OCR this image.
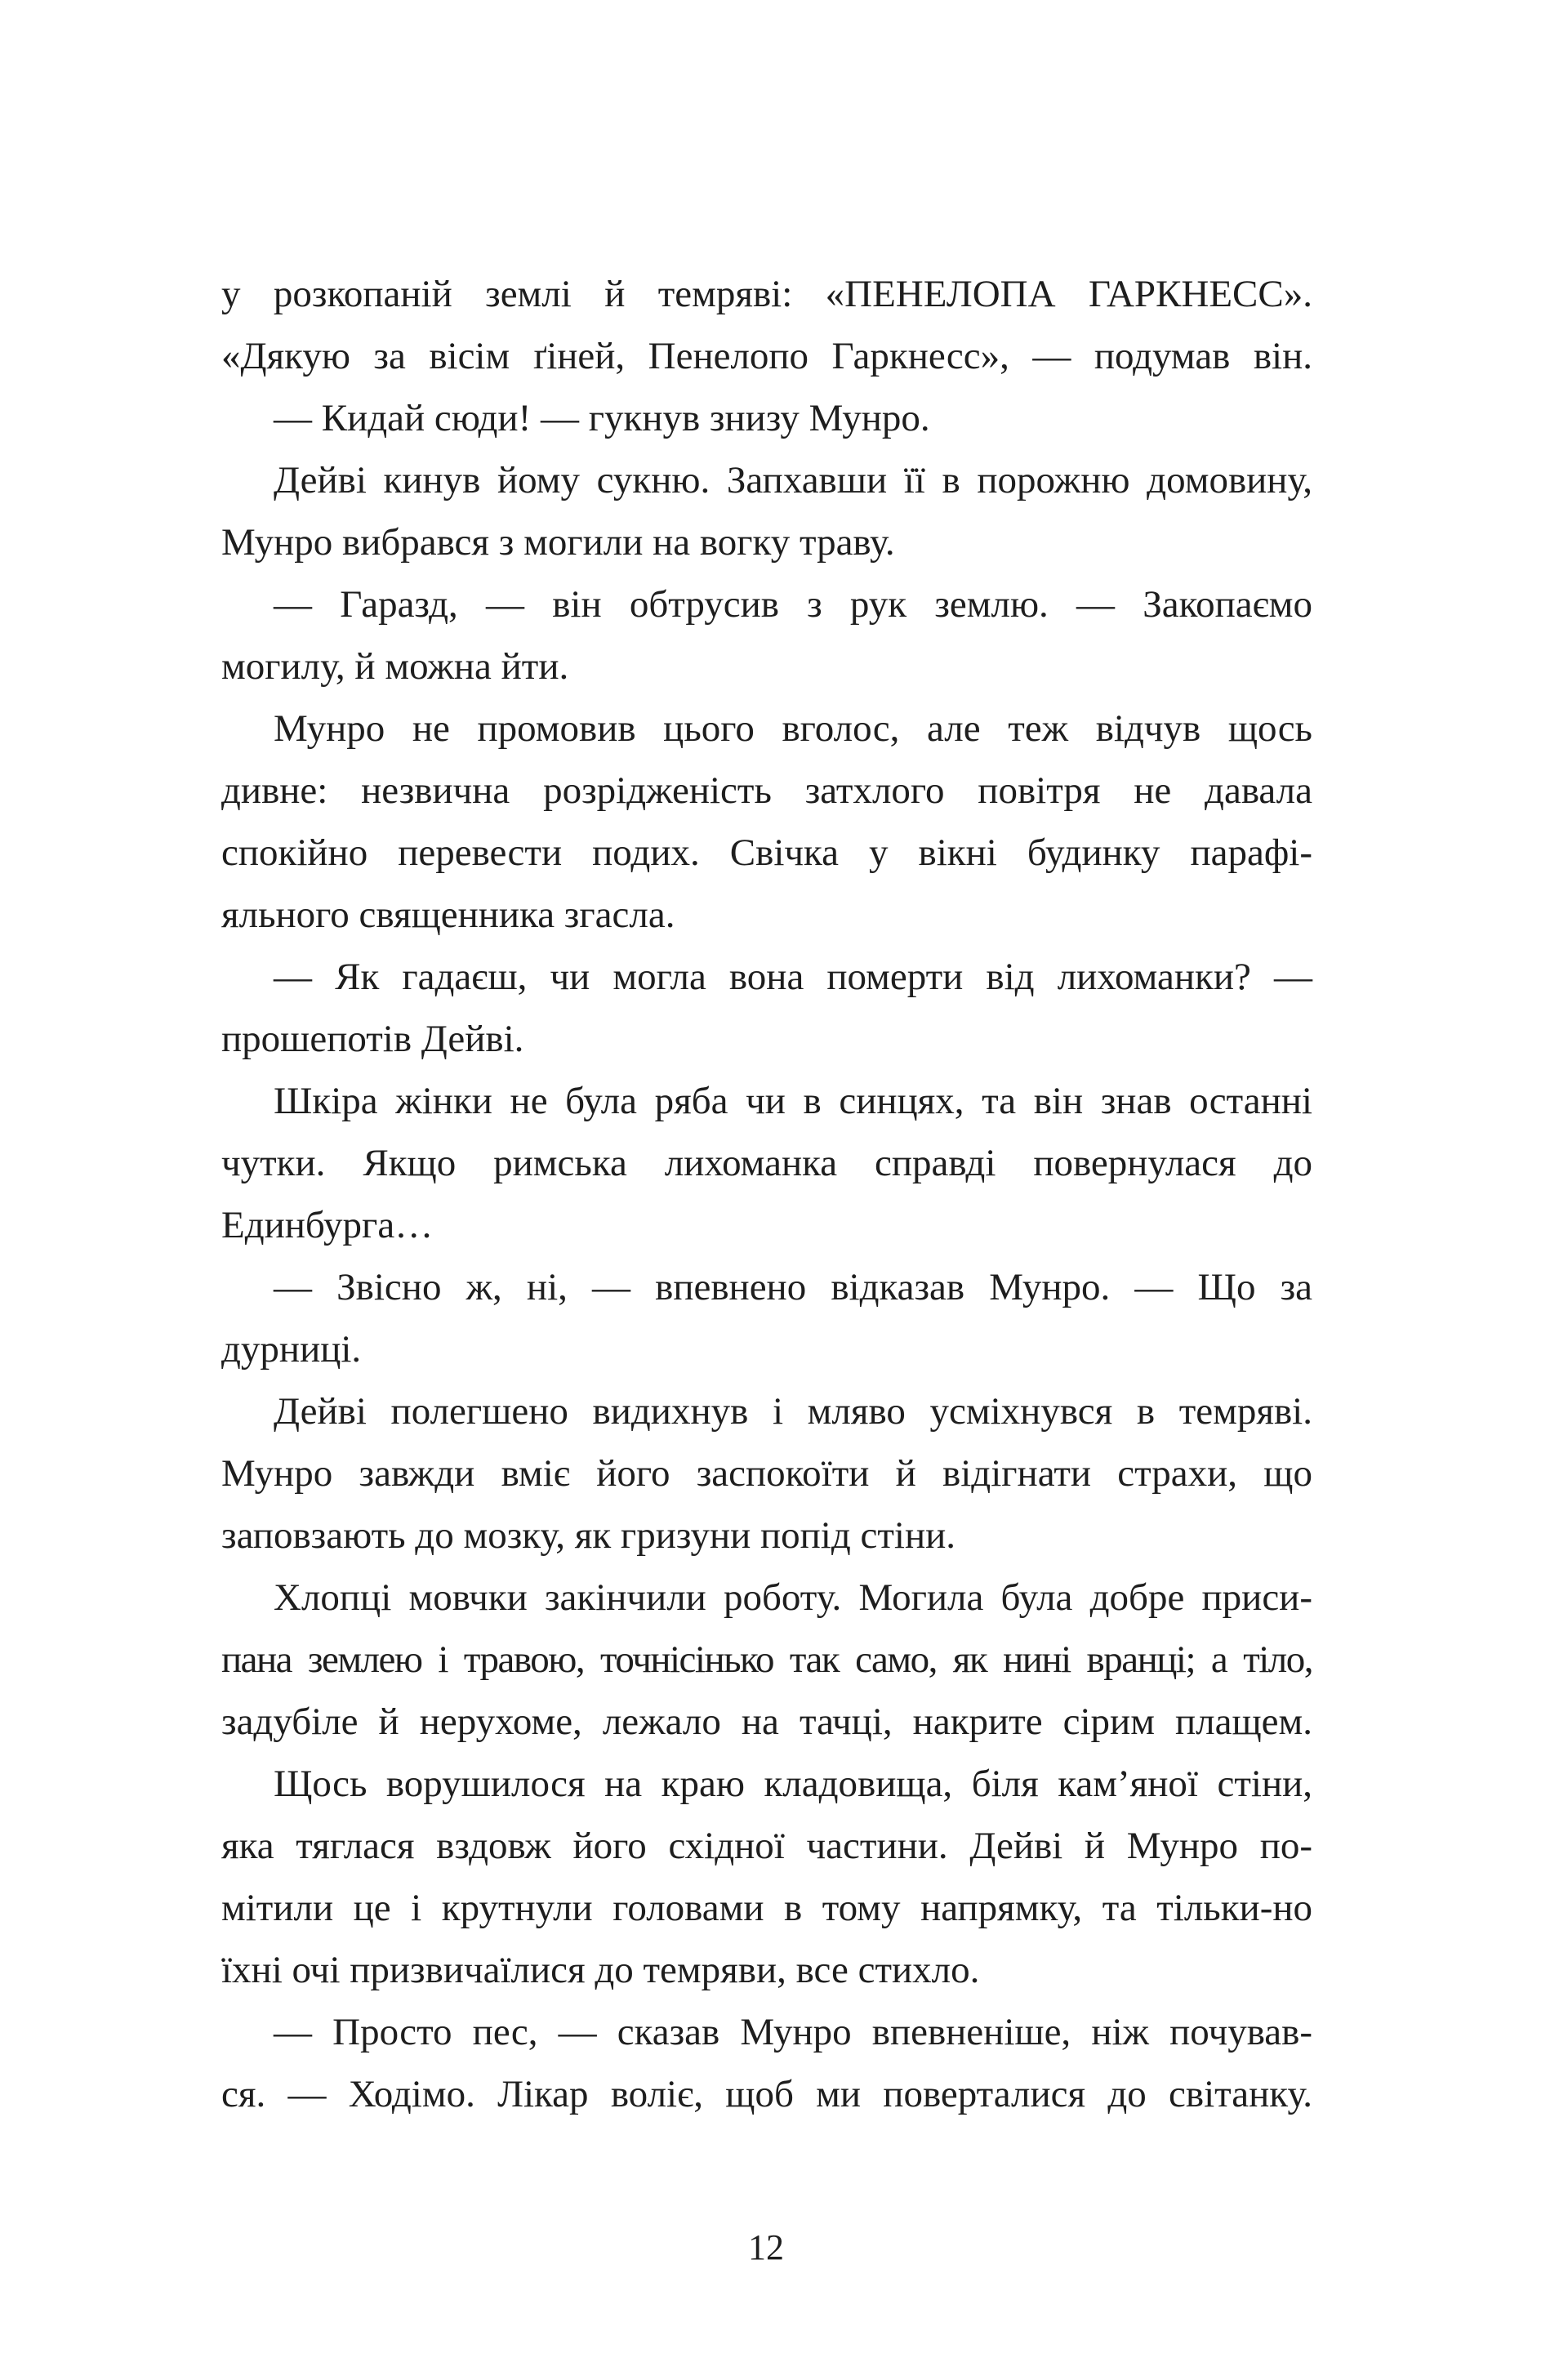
у розкопаній землі й темряві: «ПЕНЕЛОПА ГАРКНЕСС».
«Дякую за вісім ґіней, Пенелопо Гаркнесс», — подумав він.
— Кидай сюди! — гукнув знизу Мунро.
Дейві кинув йому сукню. Запхавши її в порожню домовину,
Мунро вибрався з могили на вогку траву.
— Гаразд, — він обтрусив з рук землю. — Закопаємо
могилу, й можна йти.
Мунро не промовив цього вголос, але теж відчув щось
дивне: незвична розрідженість затхлого повітря не давала
спокійно перевести подих. Свічка у вікні будинку парафі-
яльного священника згасла.
— Як гадаєш, чи могла вона померти від лихоманки? —
прошепотів Дейві.
Шкіра жінки не була ряба чи в синцях, та він знав останні
чутки. Якщо римська лихоманка справді повернулася до
Единбурга…
— Звісно ж, ні, — впевнено відказав Мунро. — Що за
дурниці.
Дейві полегшено видихнув і мляво усміхнувся в темряві.
Мунро завжди вміє його заспокоїти й відігнати страхи, що
заповзають до мозку, як гризуни попід стіни.
Хлопці мовчки закінчили роботу. Могила була добре приси-
пана землею і травою, точнісінько так само, як нині вранці; а тіло,
задубіле й нерухоме, лежало на тачці, накрите сірим плащем.
Щось ворушилося на краю кладовища, біля кам’яної стіни,
яка тяглася вздовж його східної частини. Дейві й Мунро по-
мітили це і крутнули головами в тому напрямку, та тільки-но
їхні очі призвичаїлися до темряви, все стихло.
— Просто пес, — сказав Мунро впевненіше, ніж почував-
ся. — Ходімо. Лікар воліє, щоб ми поверталися до світанку.
12
